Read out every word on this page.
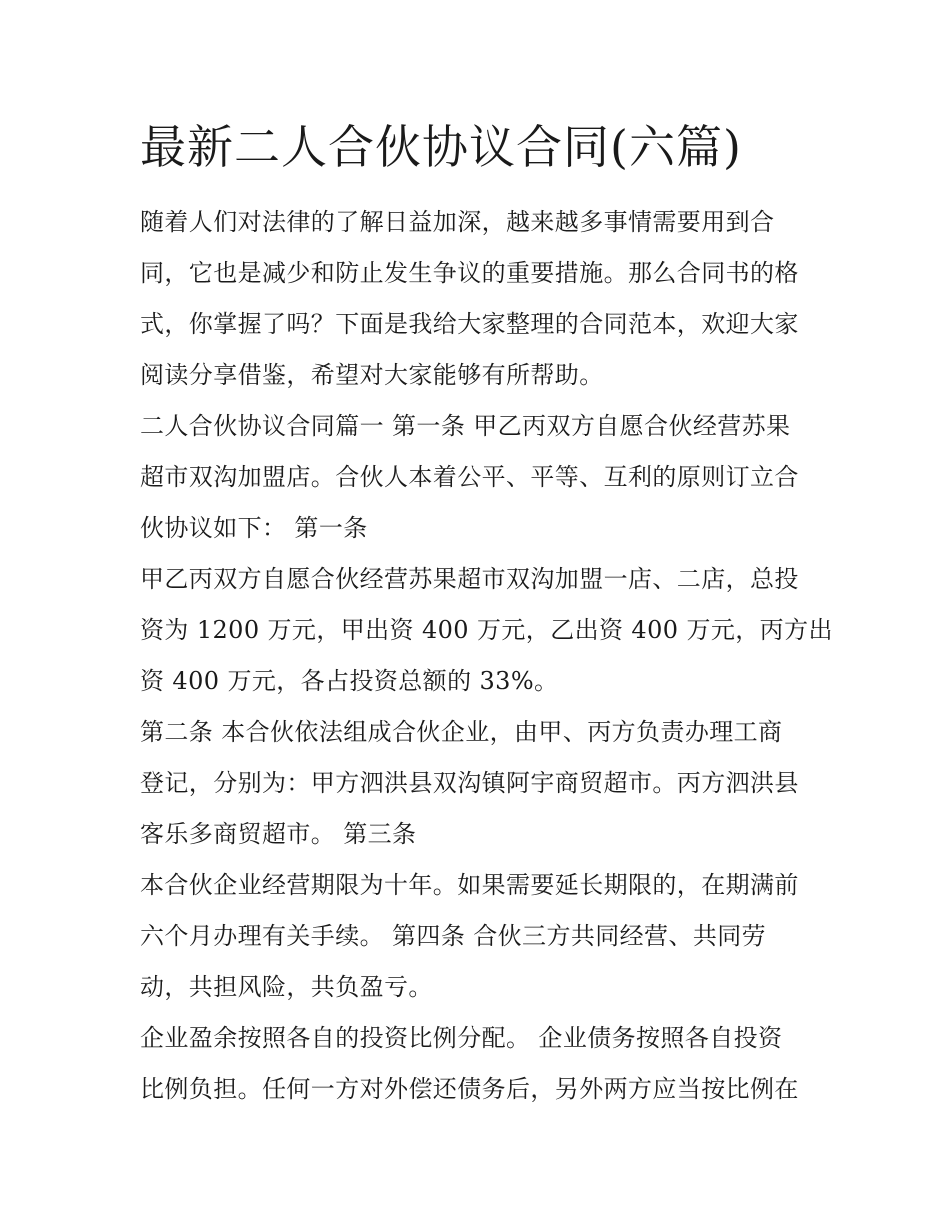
最新二人合伙协议合同(六篇)
随着人们对法律的了解日益加深，越来越多事情需要用到合
同，它也是减少和防止发生争议的重要措施。那么合同书的格
式，你掌握了吗？下面是我给大家整理的合同范本，欢迎大家
阅读分享借鉴，希望对大家能够有所帮助。
二人合伙协议合同篇一 第一条 甲乙丙双方自愿合伙经营苏果
超市双沟加盟店。合伙人本着公平、平等、互利的原则订立合
伙协议如下： 第一条
甲乙丙双方自愿合伙经营苏果超市双沟加盟一店、二店，总投
资为 1200 万元，甲出资 400 万元，乙出资 400 万元，丙方出
资 400 万元，各占投资总额的 33%。
第二条 本合伙依法组成合伙企业，由甲、丙方负责办理工商
登记，分别为：甲方泗洪县双沟镇阿宇商贸超市。丙方泗洪县
客乐多商贸超市。 第三条
本合伙企业经营期限为十年。如果需要延长期限的，在期满前
六个月办理有关手续。 第四条 合伙三方共同经营、共同劳
动，共担风险，共负盈亏。
企业盈余按照各自的投资比例分配。 企业债务按照各自投资
比例负担。任何一方对外偿还债务后，另外两方应当按比例在
